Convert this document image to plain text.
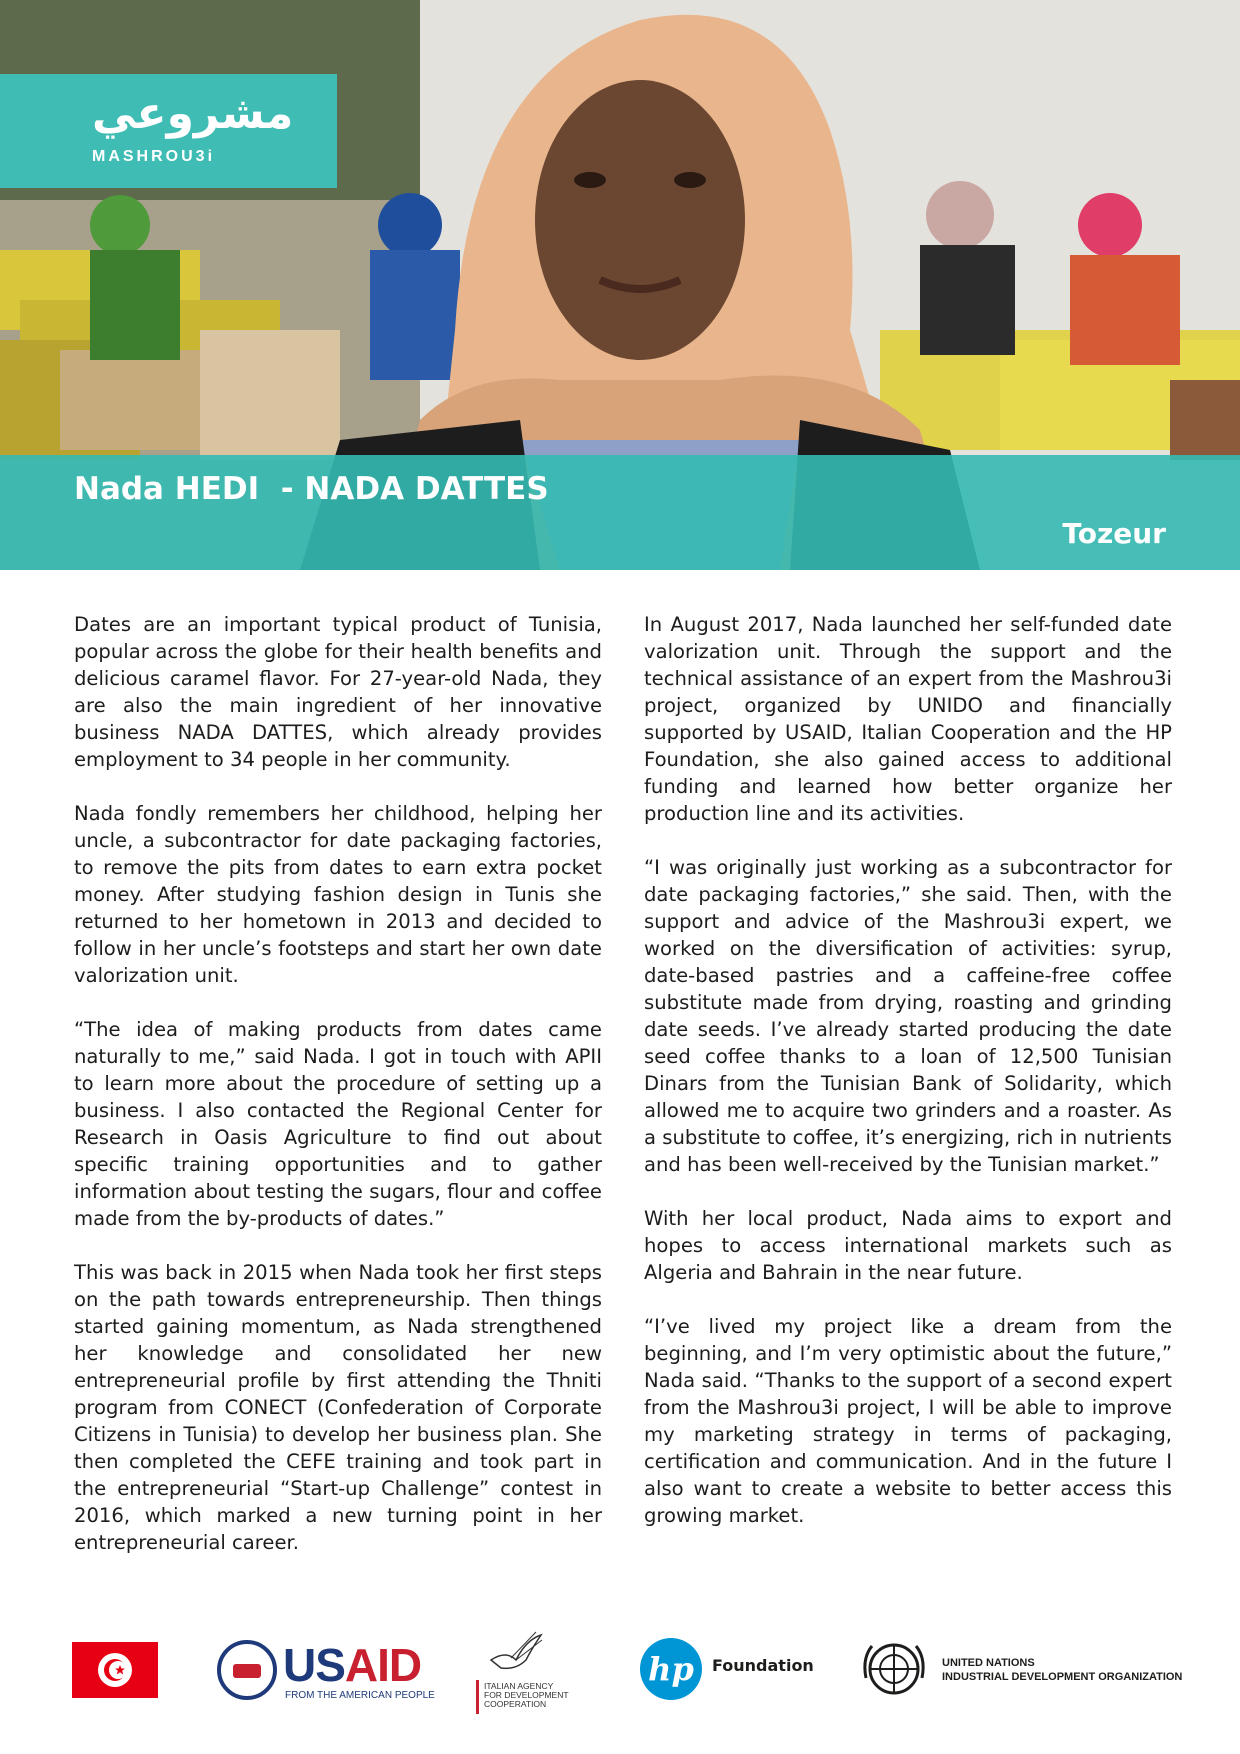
مشروعي
MASHROU3i
Nada HEDI  - NADA DATTES
Tozeur

Dates are an important typical product of Tunisia, popular across the globe for their health benefits and delicious caramel flavor. For 27-year-old Nada, they are also the main ingredient of her innovative business NADA DATTES, which already provides employment to 34 people in her community.

Nada fondly remembers her childhood, helping her uncle, a subcontractor for date packaging factories, to remove the pits from dates to earn extra pocket money. After studying fashion design in Tunis she returned to her hometown in 2013 and decided to follow in her uncle’s footsteps and start her own date valorization unit.

“The idea of making products from dates came naturally to me,” said Nada. I got in touch with APII to learn more about the procedure of setting up a business. I also contacted the Regional Center for Research in Oasis Agriculture to find out about specific training opportunities and to gather information about testing the sugars, flour and coffee made from the by-products of dates.”

This was back in 2015 when Nada took her first steps on the path towards entrepreneurship. Then things started gaining momentum, as Nada strengthened her knowledge and consolidated her new entrepreneurial profile by first attending the Thniti program from CONECT (Confederation of Corporate Citizens in Tunisia) to develop her business plan. She then completed the CEFE training and took part in the entrepreneurial “Start-up Challenge” contest in 2016, which marked a new turning point in her entrepreneurial career.

In August 2017, Nada launched her self-funded date valorization unit. Through the support and the technical assistance of an expert from the Mashrou3i project, organized by UNIDO and financially supported by USAID, Italian Cooperation and the HP Foundation, she also gained access to additional funding and learned how better organize her production line and its activities.

“I was originally just working as a subcontractor for date packaging factories,” she said. Then, with the support and advice of the Mashrou3i expert, we worked on the diversification of activities: syrup, date-based pastries and a caffeine-free coffee substitute made from drying, roasting and grinding date seeds. I’ve already started producing the date seed coffee thanks to a loan of 12,500 Tunisian Dinars from the Tunisian Bank of Solidarity, which allowed me to acquire two grinders and a roaster. As a substitute to coffee, it’s energizing, rich in nutrients and has been well-received by the Tunisian market.”

With her local product, Nada aims to export and hopes to access international markets such as Algeria and Bahrain in the near future.

“I’ve lived my project like a dream from the beginning, and I’m very optimistic about the future,” Nada said. “Thanks to the support of a second expert from the Mashrou3i project, I will be able to improve my marketing strategy in terms of packaging, certification and communication. And in the future I also want to create a website to better access this growing market.

USAID
FROM THE AMERICAN PEOPLE
ITALIAN AGENCY
FOR DEVELOPMENT
COOPERATION
hp	Foundation	UNITED NATIONS
INDUSTRIAL DEVELOPMENT ORGANIZATION
